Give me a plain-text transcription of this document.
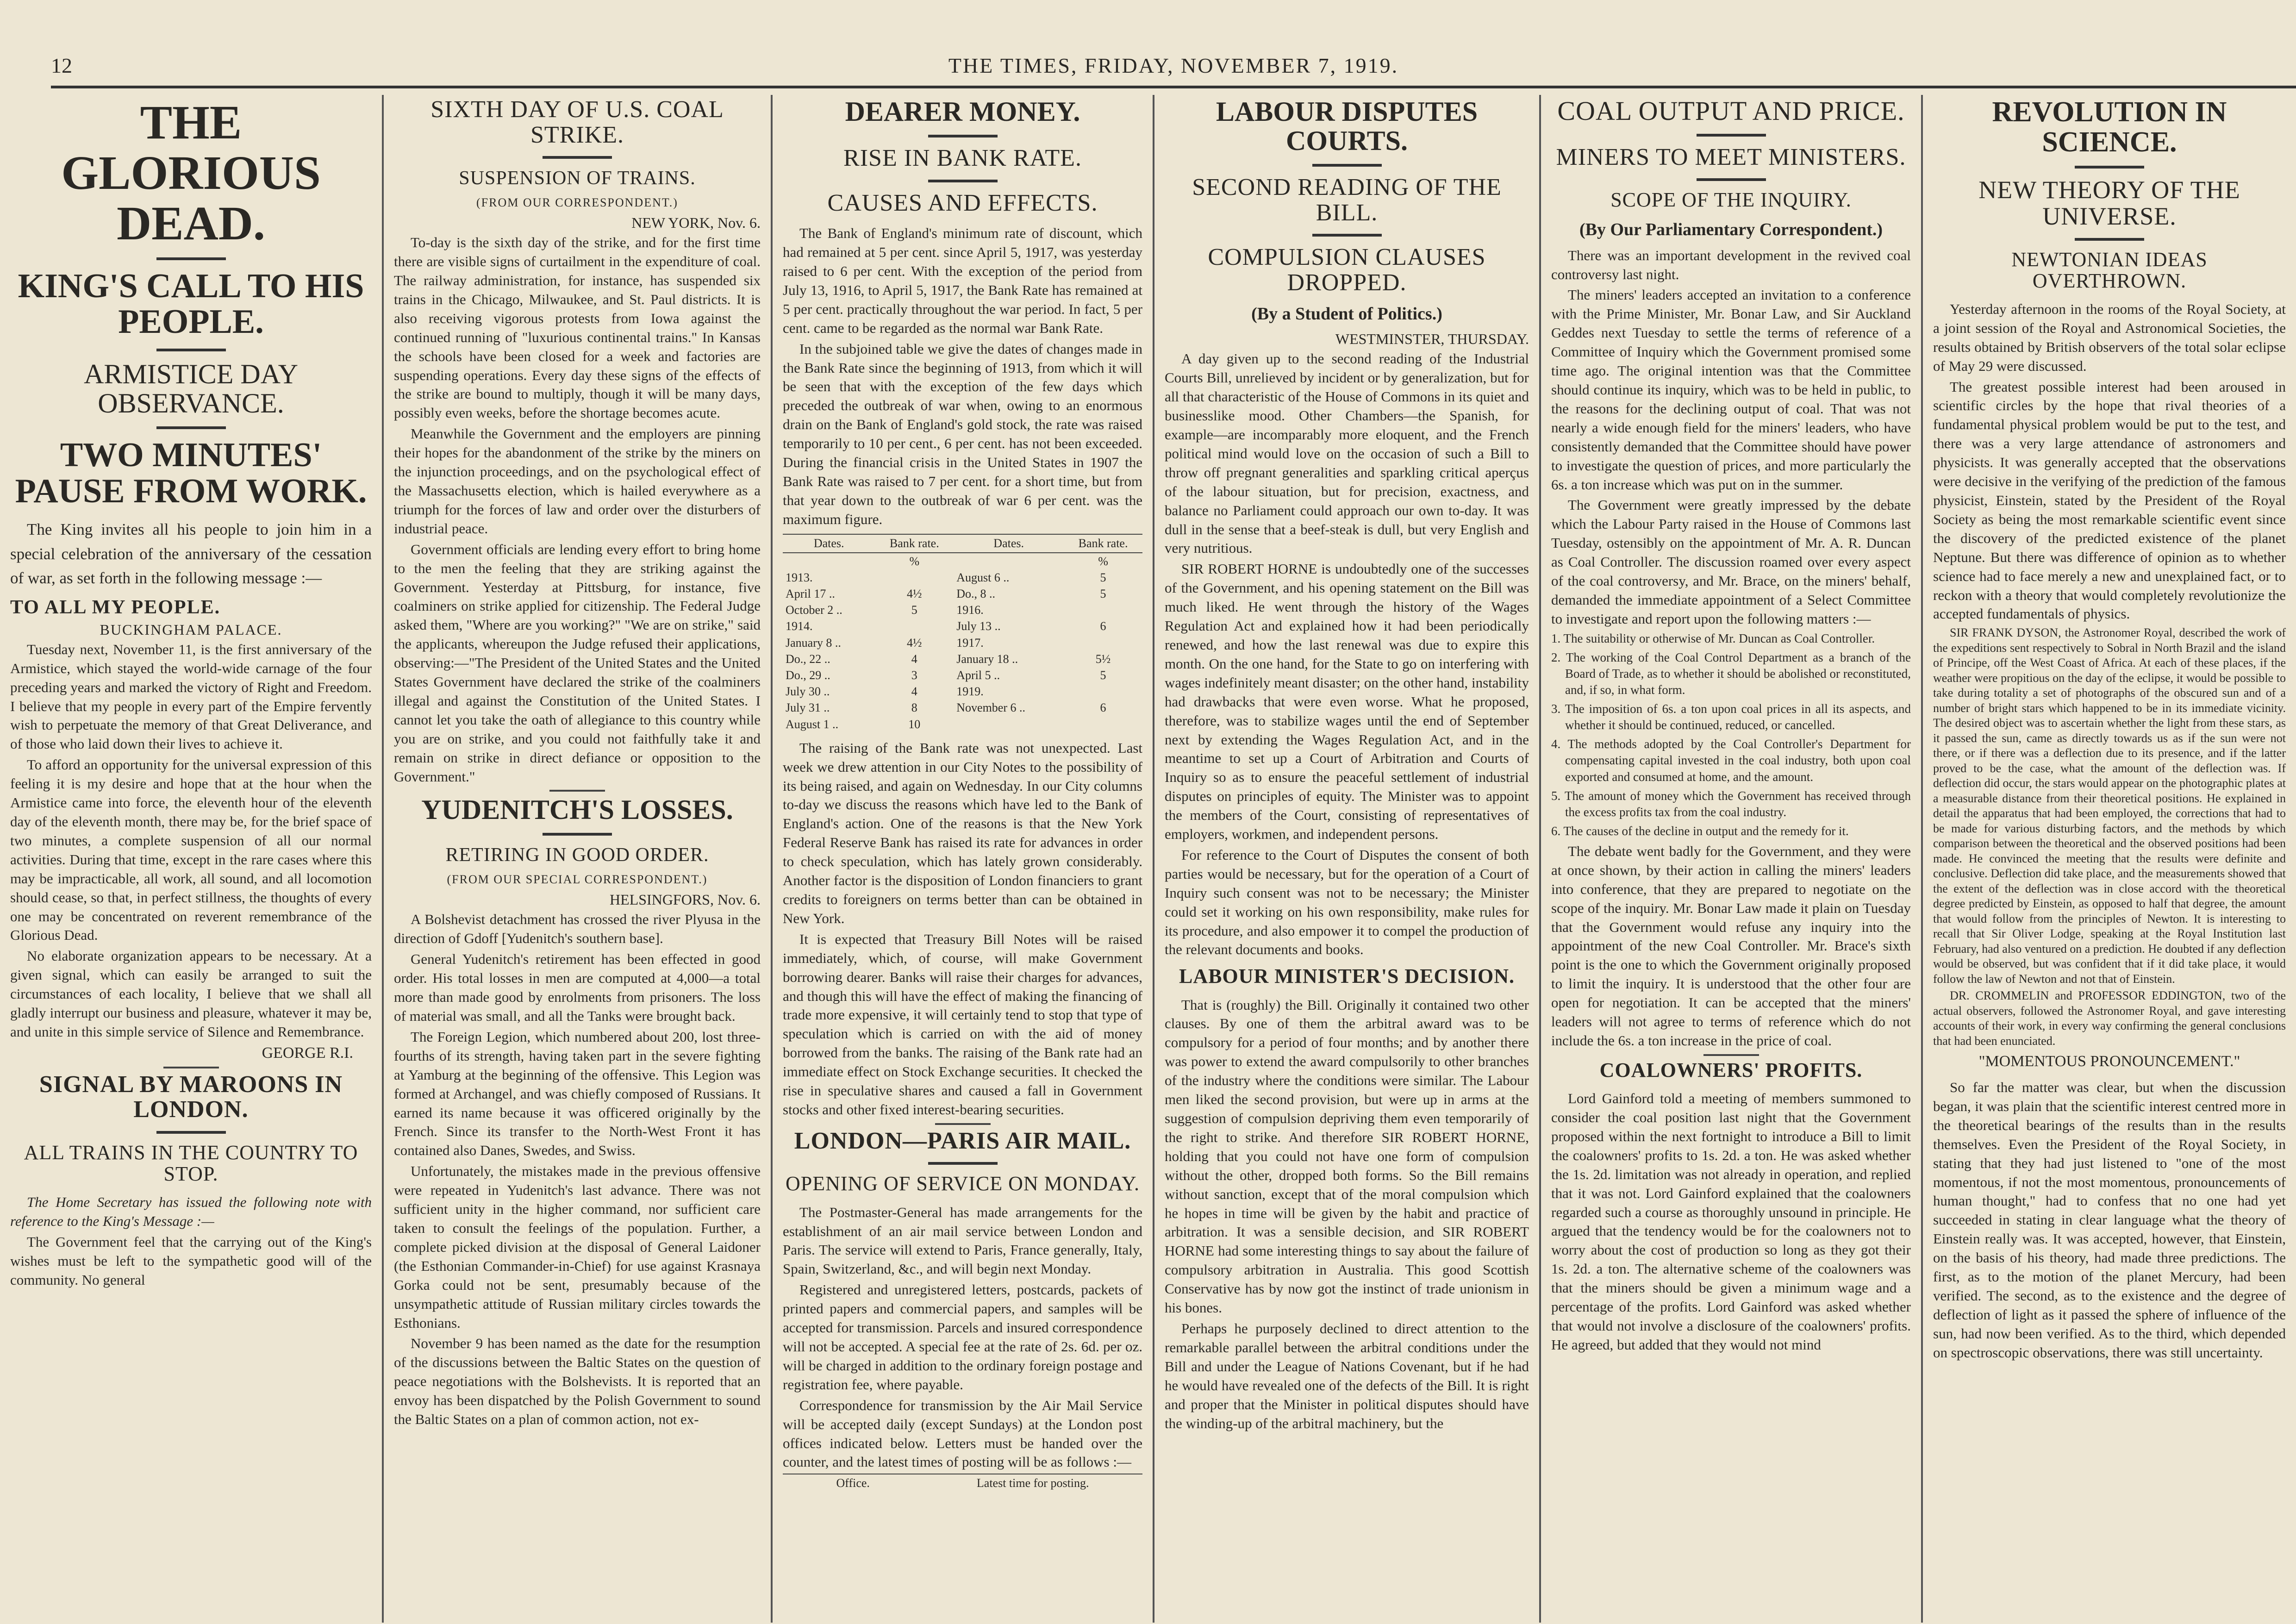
12	THE TIMES, FRIDAY, NOVEMBER 7, 1919.
THE GLORIOUS DEAD.
KING'S CALL TO HIS PEOPLE.
ARMISTICE DAY OBSERVANCE.
TWO MINUTES' PAUSE FROM WORK.

The King invites all his people to join him in a special celebration of the anniversary of the cessation of war, as set forth in the following message :—

TO ALL MY PEOPLE.
BUCKINGHAM PALACE.

Tuesday next, November 11, is the first anniversary of the Armistice, which stayed the world-wide carnage of the four preceding years and marked the victory of Right and Freedom. I believe that my people in every part of the Empire fervently wish to perpetuate the memory of that Great Deliverance, and of those who laid down their lives to achieve it.

To afford an opportunity for the universal expression of this feeling it is my desire and hope that at the hour when the Armistice came into force, the eleventh hour of the eleventh day of the eleventh month, there may be, for the brief space of two minutes, a complete suspension of all our normal activities. During that time, except in the rare cases where this may be impracticable, all work, all sound, and all locomotion should cease, so that, in perfect stillness, the thoughts of every one may be concentrated on reverent remembrance of the Glorious Dead.

No elaborate organization appears to be necessary. At a given signal, which can easily be arranged to suit the circumstances of each locality, I believe that we shall all gladly interrupt our business and pleasure, whatever it may be, and unite in this simple service of Silence and Remembrance.

GEORGE R.I.
SIGNAL BY MAROONS IN LONDON.
ALL TRAINS IN THE COUNTRY TO STOP.

The Home Secretary has issued the following note with reference to the King's Message :—

The Government feel that the carrying out of the King's wishes must be left to the sympathetic good will of the community. No general

SIXTH DAY OF U.S. COAL STRIKE.
SUSPENSION OF TRAINS.
(FROM OUR CORRESPONDENT.)
NEW YORK, Nov. 6.

To-day is the sixth day of the strike, and for the first time there are visible signs of curtailment in the expenditure of coal. The railway administration, for instance, has suspended six trains in the Chicago, Milwaukee, and St. Paul districts. It is also receiving vigorous protests from Iowa against the continued running of "luxurious continental trains." In Kansas the schools have been closed for a week and factories are suspending operations. Every day these signs of the effects of the strike are bound to multiply, though it will be many days, possibly even weeks, before the shortage becomes acute.

Meanwhile the Government and the employers are pinning their hopes for the abandonment of the strike by the miners on the injunction proceedings, and on the psychological effect of the Massachusetts election, which is hailed everywhere as a triumph for the forces of law and order over the disturbers of industrial peace.

Government officials are lending every effort to bring home to the men the feeling that they are striking against the Government. Yesterday at Pittsburg, for instance, five coalminers on strike applied for citizenship. The Federal Judge asked them, "Where are you working?" "We are on strike," said the applicants, whereupon the Judge refused their applications, observing:—"The President of the United States and the United States Government have declared the strike of the coalminers illegal and against the Constitution of the United States. I cannot let you take the oath of allegiance to this country while you are on strike, and you could not faithfully take it and remain on strike in direct defiance or opposition to the Government."

YUDENITCH'S LOSSES.
RETIRING IN GOOD ORDER.
(FROM OUR SPECIAL CORRESPONDENT.)
HELSINGFORS, Nov. 6.

A Bolshevist detachment has crossed the river Plyusa in the direction of Gdoff [Yudenitch's southern base].

General Yudenitch's retirement has been effected in good order. His total losses in men are computed at 4,000—a total more than made good by enrolments from prisoners. The loss of material was small, and all the Tanks were brought back.

The Foreign Legion, which numbered about 200, lost three-fourths of its strength, having taken part in the severe fighting at Yamburg at the beginning of the offensive. This Legion was formed at Archangel, and was chiefly composed of Russians. It earned its name because it was officered originally by the French. Since its transfer to the North-West Front it has contained also Danes, Swedes, and Swiss.

Unfortunately, the mistakes made in the previous offensive were repeated in Yudenitch's last advance. There was not sufficient unity in the higher command, nor sufficient care taken to consult the feelings of the population. Further, a complete picked division at the disposal of General Laidoner (the Esthonian Commander-in-Chief) for use against Krasnaya Gorka could not be sent, presumably because of the unsympathetic attitude of Russian military circles towards the Esthonians.

November 9 has been named as the date for the resumption of the discussions between the Baltic States on the question of peace negotiations with the Bolshevists. It is reported that an envoy has been dispatched by the Polish Government to sound the Baltic States on a plan of common action, not ex-

DEARER MONEY.
RISE IN BANK RATE.
CAUSES AND EFFECTS.

The Bank of England's minimum rate of discount, which had remained at 5 per cent. since April 5, 1917, was yesterday raised to 6 per cent. With the exception of the period from July 13, 1916, to April 5, 1917, the Bank Rate has remained at 5 per cent. practically throughout the war period. In fact, 5 per cent. came to be regarded as the normal war Bank Rate.

In the subjoined table we give the dates of changes made in the Bank Rate since the beginning of 1913, from which it will be seen that with the exception of the few days which preceded the outbreak of war when, owing to an enormous drain on the Bank of England's gold stock, the rate was raised temporarily to 10 per cent., 6 per cent. has not been exceeded. During the financial crisis in the United States in 1907 the Bank Rate was raised to 7 per cent. for a short time, but from that year down to the outbreak of war 6 per cent. was the maximum figure.

Dates.	Bank rate.	Dates.	Bank rate.
	%		%
1913.		August 6 ..	5
April 17 ..	4½	Do., 8 ..	5
October 2 ..	5	1916.	
1914.		July 13 ..	6
January 8 ..	4½	1917.	
Do., 22 ..	4	January 18 ..	5½
Do., 29 ..	3	April 5 ..	5
July 30 ..	4	1919.	
July 31 ..	8	November 6 ..	6
August 1 ..	10		

The raising of the Bank rate was not unexpected. Last week we drew attention in our City Notes to the possibility of its being raised, and again on Wednesday. In our City columns to-day we discuss the reasons which have led to the Bank of England's action. One of the reasons is that the New York Federal Reserve Bank has raised its rate for advances in order to check speculation, which has lately grown considerably. Another factor is the disposition of London financiers to grant credits to foreigners on terms better than can be obtained in New York.

It is expected that Treasury Bill Notes will be raised immediately, which, of course, will make Government borrowing dearer. Banks will raise their charges for advances, and though this will have the effect of making the financing of trade more expensive, it will certainly tend to stop that type of speculation which is carried on with the aid of money borrowed from the banks. The raising of the Bank rate had an immediate effect on Stock Exchange securities. It checked the rise in speculative shares and caused a fall in Government stocks and other fixed interest-bearing securities.

LONDON—PARIS AIR MAIL.
OPENING OF SERVICE ON MONDAY.

The Postmaster-General has made arrangements for the establishment of an air mail service between London and Paris. The service will extend to Paris, France generally, Italy, Spain, Switzerland, &c., and will begin next Monday.

Registered and unregistered letters, postcards, packets of printed papers and commercial papers, and samples will be accepted for transmission. Parcels and insured correspondence will not be accepted. A special fee at the rate of 2s. 6d. per oz. will be charged in addition to the ordinary foreign postage and registration fee, where payable.

Correspondence for transmission by the Air Mail Service will be accepted daily (except Sundays) at the London post offices indicated below. Letters must be handed over the counter, and the latest times of posting will be as follows :—

Office.	Latest time for posting.
LABOUR DISPUTES COURTS.
SECOND READING OF THE BILL.
COMPULSION CLAUSES DROPPED.
(By a Student of Politics.)
WESTMINSTER, THURSDAY.

A day given up to the second reading of the Industrial Courts Bill, unrelieved by incident or by generalization, but for all that characteristic of the House of Commons in its quiet and businesslike mood. Other Chambers—the Spanish, for example—are incomparably more eloquent, and the French political mind would love on the occasion of such a Bill to throw off pregnant generalities and sparkling critical aperçus of the labour situation, but for precision, exactness, and balance no Parliament could approach our own to-day. It was dull in the sense that a beef-steak is dull, but very English and very nutritious.

SIR ROBERT HORNE is undoubtedly one of the successes of the Government, and his opening statement on the Bill was much liked. He went through the history of the Wages Regulation Act and explained how it had been periodically renewed, and how the last renewal was due to expire this month. On the one hand, for the State to go on interfering with wages indefinitely meant disaster; on the other hand, instability had drawbacks that were even worse. What he proposed, therefore, was to stabilize wages until the end of September next by extending the Wages Regulation Act, and in the meantime to set up a Court of Arbitration and Courts of Inquiry so as to ensure the peaceful settlement of industrial disputes on principles of equity. The Minister was to appoint the members of the Court, consisting of representatives of employers, workmen, and independent persons.

For reference to the Court of Disputes the consent of both parties would be necessary, but for the operation of a Court of Inquiry such consent was not to be necessary; the Minister could set it working on his own responsibility, make rules for its procedure, and also empower it to compel the production of the relevant documents and books.

LABOUR MINISTER'S DECISION.

That is (roughly) the Bill. Originally it contained two other clauses. By one of them the arbitral award was to be compulsory for a period of four months; and by another there was power to extend the award compulsorily to other branches of the industry where the conditions were similar. The Labour men liked the second provision, but were up in arms at the suggestion of compulsion depriving them even temporarily of the right to strike. And therefore SIR ROBERT HORNE, holding that you could not have one form of compulsion without the other, dropped both forms. So the Bill remains without sanction, except that of the moral compulsion which he hopes in time will be given by the habit and practice of arbitration. It was a sensible decision, and SIR ROBERT HORNE had some interesting things to say about the failure of compulsory arbitration in Australia. This good Scottish Conservative has by now got the instinct of trade unionism in his bones.

Perhaps he purposely declined to direct attention to the remarkable parallel between the arbitral conditions under the Bill and under the League of Nations Covenant, but if he had he would have revealed one of the defects of the Bill. It is right and proper that the Minister in political disputes should have the winding-up of the arbitral machinery, but the

COAL OUTPUT AND PRICE.
MINERS TO MEET MINISTERS.
SCOPE OF THE INQUIRY.
(By Our Parliamentary Correspondent.)

There was an important development in the revived coal controversy last night.

The miners' leaders accepted an invitation to a conference with the Prime Minister, Mr. Bonar Law, and Sir Auckland Geddes next Tuesday to settle the terms of reference of a Committee of Inquiry which the Government promised some time ago. The original intention was that the Committee should continue its inquiry, which was to be held in public, to the reasons for the declining output of coal. That was not nearly a wide enough field for the miners' leaders, who have consistently demanded that the Committee should have power to investigate the question of prices, and more particularly the 6s. a ton increase which was put on in the summer.

The Government were greatly impressed by the debate which the Labour Party raised in the House of Commons last Tuesday, ostensibly on the appointment of Mr. A. R. Duncan as Coal Controller. The discussion roamed over every aspect of the coal controversy, and Mr. Brace, on the miners' behalf, demanded the immediate appointment of a Select Committee to investigate and report upon the following matters :—

1. The suitability or otherwise of Mr. Duncan as Coal Controller.
2. The working of the Coal Control Department as a branch of the Board of Trade, as to whether it should be abolished or reconstituted, and, if so, in what form.
3. The imposition of 6s. a ton upon coal prices in all its aspects, and whether it should be continued, reduced, or cancelled.
4. The methods adopted by the Coal Controller's Department for compensating capital invested in the coal industry, both upon coal exported and consumed at home, and the amount.
5. The amount of money which the Government has received through the excess profits tax from the coal industry.
6. The causes of the decline in output and the remedy for it.

The debate went badly for the Government, and they were at once shown, by their action in calling the miners' leaders into conference, that they are prepared to negotiate on the scope of the inquiry. Mr. Bonar Law made it plain on Tuesday that the Government would refuse any inquiry into the appointment of the new Coal Controller. Mr. Brace's sixth point is the one to which the Government originally proposed to limit the inquiry. It is understood that the other four are open for negotiation. It can be accepted that the miners' leaders will not agree to terms of reference which do not include the 6s. a ton increase in the price of coal.

COALOWNERS' PROFITS.

Lord Gainford told a meeting of members summoned to consider the coal position last night that the Government proposed within the next fortnight to introduce a Bill to limit the coalowners' profits to 1s. 2d. a ton. He was asked whether the 1s. 2d. limitation was not already in operation, and replied that it was not. Lord Gainford explained that the coalowners regarded such a course as thoroughly unsound in principle. He argued that the tendency would be for the coalowners not to worry about the cost of production so long as they got their 1s. 2d. a ton. The alternative scheme of the coalowners was that the miners should be given a minimum wage and a percentage of the profits. Lord Gainford was asked whether that would not involve a disclosure of the coalowners' profits. He agreed, but added that they would not mind

REVOLUTION IN SCIENCE.
NEW THEORY OF THE UNIVERSE.
NEWTONIAN IDEAS OVERTHROWN.

Yesterday afternoon in the rooms of the Royal Society, at a joint session of the Royal and Astronomical Societies, the results obtained by British observers of the total solar eclipse of May 29 were discussed.

The greatest possible interest had been aroused in scientific circles by the hope that rival theories of a fundamental physical problem would be put to the test, and there was a very large attendance of astronomers and physicists. It was generally accepted that the observations were decisive in the verifying of the prediction of the famous physicist, Einstein, stated by the President of the Royal Society as being the most remarkable scientific event since the discovery of the predicted existence of the planet Neptune. But there was difference of opinion as to whether science had to face merely a new and unexplained fact, or to reckon with a theory that would completely revolutionize the accepted fundamentals of physics.

SIR FRANK DYSON, the Astronomer Royal, described the work of the expeditions sent respectively to Sobral in North Brazil and the island of Principe, off the West Coast of Africa. At each of these places, if the weather were propitious on the day of the eclipse, it would be possible to take during totality a set of photographs of the obscured sun and of a number of bright stars which happened to be in its immediate vicinity. The desired object was to ascertain whether the light from these stars, as it passed the sun, came as directly towards us as if the sun were not there, or if there was a deflection due to its presence, and if the latter proved to be the case, what the amount of the deflection was. If deflection did occur, the stars would appear on the photographic plates at a measurable distance from their theoretical positions. He explained in detail the apparatus that had been employed, the corrections that had to be made for various disturbing factors, and the methods by which comparison between the theoretical and the observed positions had been made. He convinced the meeting that the results were definite and conclusive. Deflection did take place, and the measurements showed that the extent of the deflection was in close accord with the theoretical degree predicted by Einstein, as opposed to half that degree, the amount that would follow from the principles of Newton. It is interesting to recall that Sir Oliver Lodge, speaking at the Royal Institution last February, had also ventured on a prediction. He doubted if any deflection would be observed, but was confident that if it did take place, it would follow the law of Newton and not that of Einstein.

DR. CROMMELIN and PROFESSOR EDDINGTON, two of the actual observers, followed the Astronomer Royal, and gave interesting accounts of their work, in every way confirming the general conclusions that had been enunciated.

"MOMENTOUS PRONOUNCEMENT."

So far the matter was clear, but when the discussion began, it was plain that the scientific interest centred more in the theoretical bearings of the results than in the results themselves. Even the President of the Royal Society, in stating that they had just listened to "one of the most momentous, if not the most momentous, pronouncements of human thought," had to confess that no one had yet succeeded in stating in clear language what the theory of Einstein really was. It was accepted, however, that Einstein, on the basis of his theory, had made three predictions. The first, as to the motion of the planet Mercury, had been verified. The second, as to the existence and the degree of deflection of light as it passed the sphere of influence of the sun, had now been verified. As to the third, which depended on spectroscopic observations, there was still uncertainty.
